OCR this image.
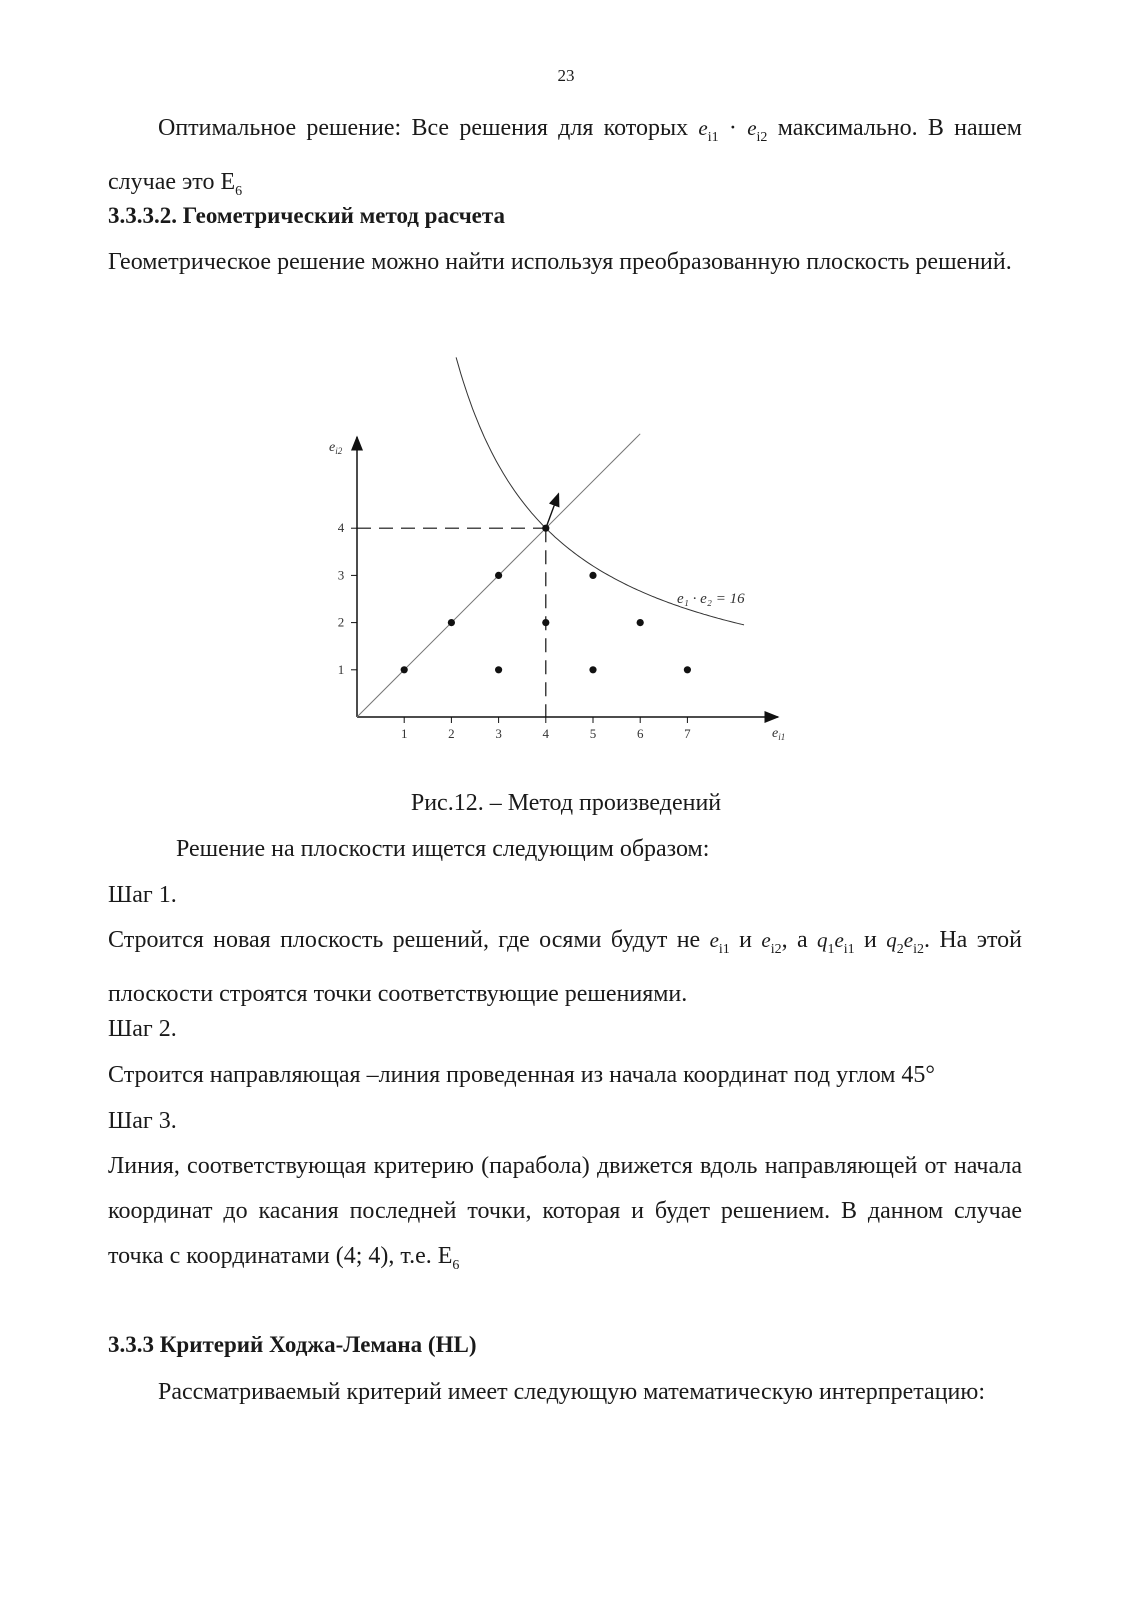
23
Оптимальное решение: Все решения для которых $e_{i1} \cdot e_{i2}$ максимально. В нашем случае это $E_6$
3.3.3.2. Геометрический метод расчета
Геометрическое решение можно найти используя преобразованную плоскость решений.
1	2	3	4	5	6	7
1
2
3
4
e₁ · e₂ = 16
$e_{i2}$
$e_{i1}$
Рис.12. – Метод произведений
Решение на плоскости ищется следующим образом:
Шаг 1.
Строится новая плоскость решений, где осями будут не $e_{i1}$ и $e_{i2}$, а $q_1e_{i1}$ и $q_2e_{i2}$. На этой плоскости строятся точки соответствующие решениями.
Шаг 2.
Строится направляющая –линия проведенная из начала координат под углом 45°
Шаг 3.
Линия, соответствующая критерию (парабола) движется вдоль направляющей от начала координат до касания последней точки, которая и будет решением. В данном случае точка с координатами (4; 4), т.е. $E_6$
3.3.3 Критерий Ходжа-Лемана (HL)
Рассматриваемый критерий имеет следующую математическую интерпретацию:
